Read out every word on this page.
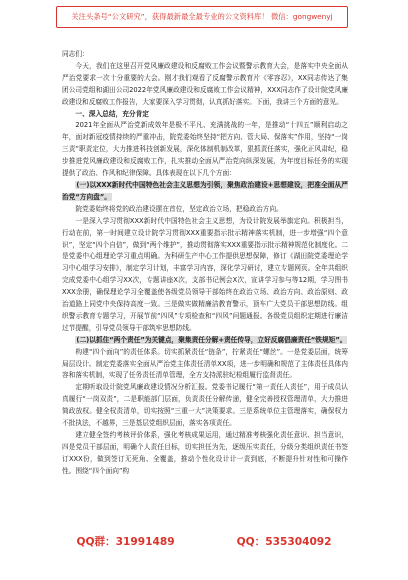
关注头条号“公文研究”，获得最新最全最专业的公文资料库！ 微信：gongwenyj

同志们：

今天，我们在这里召开党风廉政建设和反腐败工作会议暨警示教育大会，是落实中央全面从严治党要求一次十分重要的大会。刚才我们观看了反腐警示教育片《零容忍》，XX同志传达了集团公司党组和湖田公司2022年党风廉政建设和反腐败工作会议精神，XXX同志作了设计院党风廉政建设和反腐败工作报告，大家要深入学习贯彻，认真抓好落实。下面，我讲三个方面的意见。

一、深入总结，充分肯定

2021年全面从严治党新成效年是极不平凡、充满挑战的一年，是推动“十四五”顺利启动之年，面对新冠疫情持续的严重冲击，院党委始终坚持“把方向、管大局、保落实”作用，坚持“一岗三责”职责定位，大力推进科技创新发展，深化体制机制改革，狠抓责任落实，强化正风肃纪，稳步推进党风廉政建设和反腐败工作，扎实推动全面从严治党向纵深发展，为年度目标任务的实现提供了政治、作风和纪律保障。具体表现在以下几个方面：

(一)以XXX新时代中国特色社会主义思想为引领，聚焦政治建设+思想建设，把准全面从严治党“方向盘”。

院党委始终将党的政治建设摆在首位，坚定政治立场，把稳政治方向。

一是深入学习贯彻XXX新时代中国特色社会主义思想，为设计院发展举旗定向。积极担当，行动在前，第一时间建立设计院学习贯彻XXX重要指示批示精神落实机制，进一步增强“四个意识”，坚定“四个自信”，做到“两个维护”，推动贯彻落实XXX重要指示批示精神规范化制度化。二是党委中心组理论学习重点明确。为科研生产中心工作提供思想保障，修订《湖田院党委理论学习中心组学习安排》，制定学习计划，丰富学习内容，深化学习研讨，建立专题网页。全年共组织完成党委中心组学习XX次，专题讲座X次，支部书记例会X次，宣讲学习参与等12期，学习图书XXX余册，确保理论学习全覆盖使各级党员领导干部始终在政治立场、政治方向、政治原则、政治道路上同党中央保持高度一致。三是做实做精廉洁教育警示，顶车广大党员干部思想防线。组织警示教育专题学习，开展节前“四风”专项检查和“四风”问题通报。各级党员组织定期进行廉洁过节提醒，引导党员领导干部筑牢思想防线。

(二)以抓住“两个责任”为关键点，聚集责任分解+责任传导，立好反腐倡廉责任“铁规矩”。

构建“四个面向”的责任体系。切实抓紧责任“链条”，拧紧责任“螺丝”。一是党委层面，统筹局层设计。制定党委落实全面从严治党主体责任清单XX项，进一步明确和规范了主体责任具体内容和落实机制，实现了任务责任清单管理，全方支持派驻纪检组履行监督责任。

定期听取设计院党风廉政建设情况分析汇报。党委书记履行“第一责任人责任”，用于成员认真履行“一岗双责”，二是职能部门层面，负责责任分解传递，健全完善授权管理清单，大力推进简政放权。健全权责清单，切实按照“三重一大”决策要求。三是系统单位主管理落实，确保权力不批执法，不越界，三是基层党组织层面，落实各项责任。

建立健全签约考核评价体系，强化考核成果运用，通过精准考核强化责任意识、担当意识，四是党员干部层面，明确个人责任目标，切实担任为先，逐级压实责任，分级分类组织责任书签订XXX份，做到签订无死角、全覆盖，推动个性化设计计一责到底，不断提升针对性和可操作性。围绕“四个面向”构

QQ群：31991489	QQ：535304092
